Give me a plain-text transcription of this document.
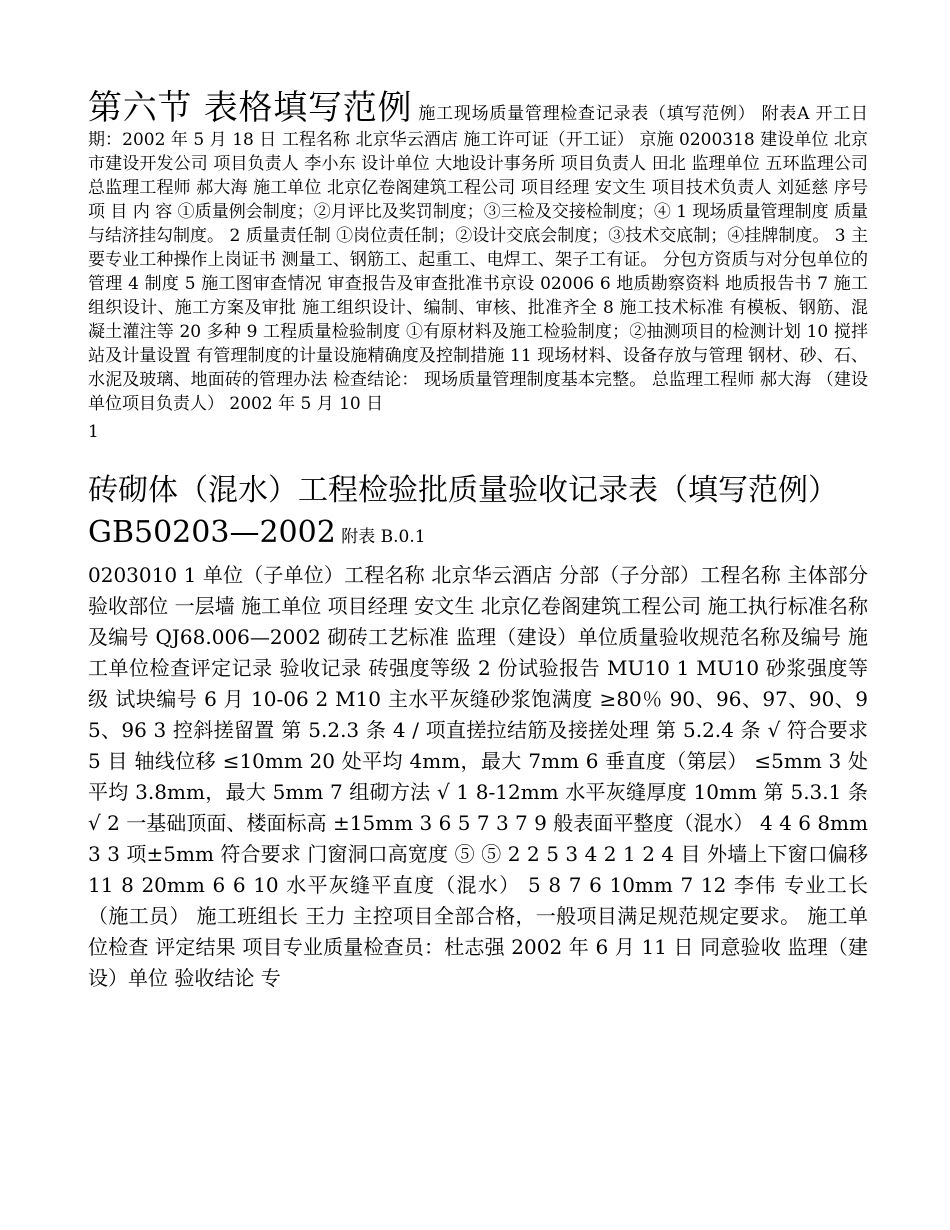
第六节 表格填写范例 施工现场质量管理检查记录表（填写范例） 附表A 开工日期：2002 年 5 月 18 日 工程名称 北京华云酒店 施工许可证（开工证） 京施 0200318 建设单位 北京市建设开发公司 项目负责人 李小东 设计单位 大地设计事务所 项目负责人 田北 监理单位 五环监理公司 总监理工程师 郝大海 施工单位 北京亿卷阁建筑工程公司 项目经理 安文生 项目技术负责人 刘延慈 序号 项 目 内 容 ①质量例会制度；②月评比及奖罚制度；③三检及交接检制度；④ 1 现场质量管理制度 质量与结济挂勾制度。 2 质量责任制 ①岗位责任制；②设计交底会制度；③技术交底制；④挂牌制度。 3 主要专业工种操作上岗证书 测量工、钢筋工、起重工、电焊工、架子工有证。 分包方资质与对分包单位的管理 4 制度 5 施工图审查情况 审查报告及审查批准书京设 02006 6 地质勘察资料 地质报告书 7 施工组织设计、施工方案及审批 施工组织设计、编制、审核、批准齐全 8 施工技术标准 有模板、钢筋、混凝土灌注等 20 多种 9 工程质量检验制度 ①有原材料及施工检验制度；②抽测项目的检测计划 10 搅拌站及计量设置 有管理制度的计量设施精确度及控制措施 11 现场材料、设备存放与管理 钢材、砂、石、水泥及玻璃、地面砖的管理办法 检查结论： 现场质量管理制度基本完整。 总监理工程师 郝大海 （建设单位项目负责人） 2002 年 5 月 10 日

1

砖砌体（混水）工程检验批质量验收记录表（填写范例） GB50203—2002 附表 B.0.1

0203010 1 单位（子单位）工程名称 北京华云酒店 分部（子分部）工程名称 主体部分 验收部位 一层墙 施工单位 项目经理 安文生 北京亿卷阁建筑工程公司 施工执行标准名称及编号 QJ68.006—2002 砌砖工艺标准 监理（建设）单位质量验收规范名称及编号 施工单位检查评定记录 验收记录 砖强度等级 2 份试验报告 MU10 1 MU10 砂浆强度等级 试块编号 6 月 10-06 2 M10 主水平灰缝砂浆饱满度 ≥80％ 90、96、97、90、95、96 3 控斜搓留置 第 5.2.3 条 4 / 项直搓拉结筋及接搓处理 第 5.2.4 条 √ 符合要求 5 目 轴线位移 ≤10mm 20 处平均 4mm，最大 7mm 6 垂直度（第层） ≤5mm 3 处平均 3.8mm，最大 5mm 7 组砌方法 √ 1 8-12mm 水平灰缝厚度 10mm 第 5.3.1 条√ 2 一基础顶面、楼面标高 ±15mm 3 6 5 7 3 7 9 般表面平整度（混水） 4 4 6 8mm 3 3 项±5mm 符合要求 门窗洞口高宽度 ⑤ ⑤ 2 2 5 3 4 2 1 2 4 目 外墙上下窗口偏移 11 8 20mm 6 6 10 水平灰缝平直度（混水） 5 8 7 6 10mm 7 12 李伟 专业工长（施工员） 施工班组长 王力 主控项目全部合格，一般项目满足规范规定要求。 施工单位检查 评定结果 项目专业质量检查员：杜志强 2002 年 6 月 11 日 同意验收 监理（建设）单位 验收结论 专
